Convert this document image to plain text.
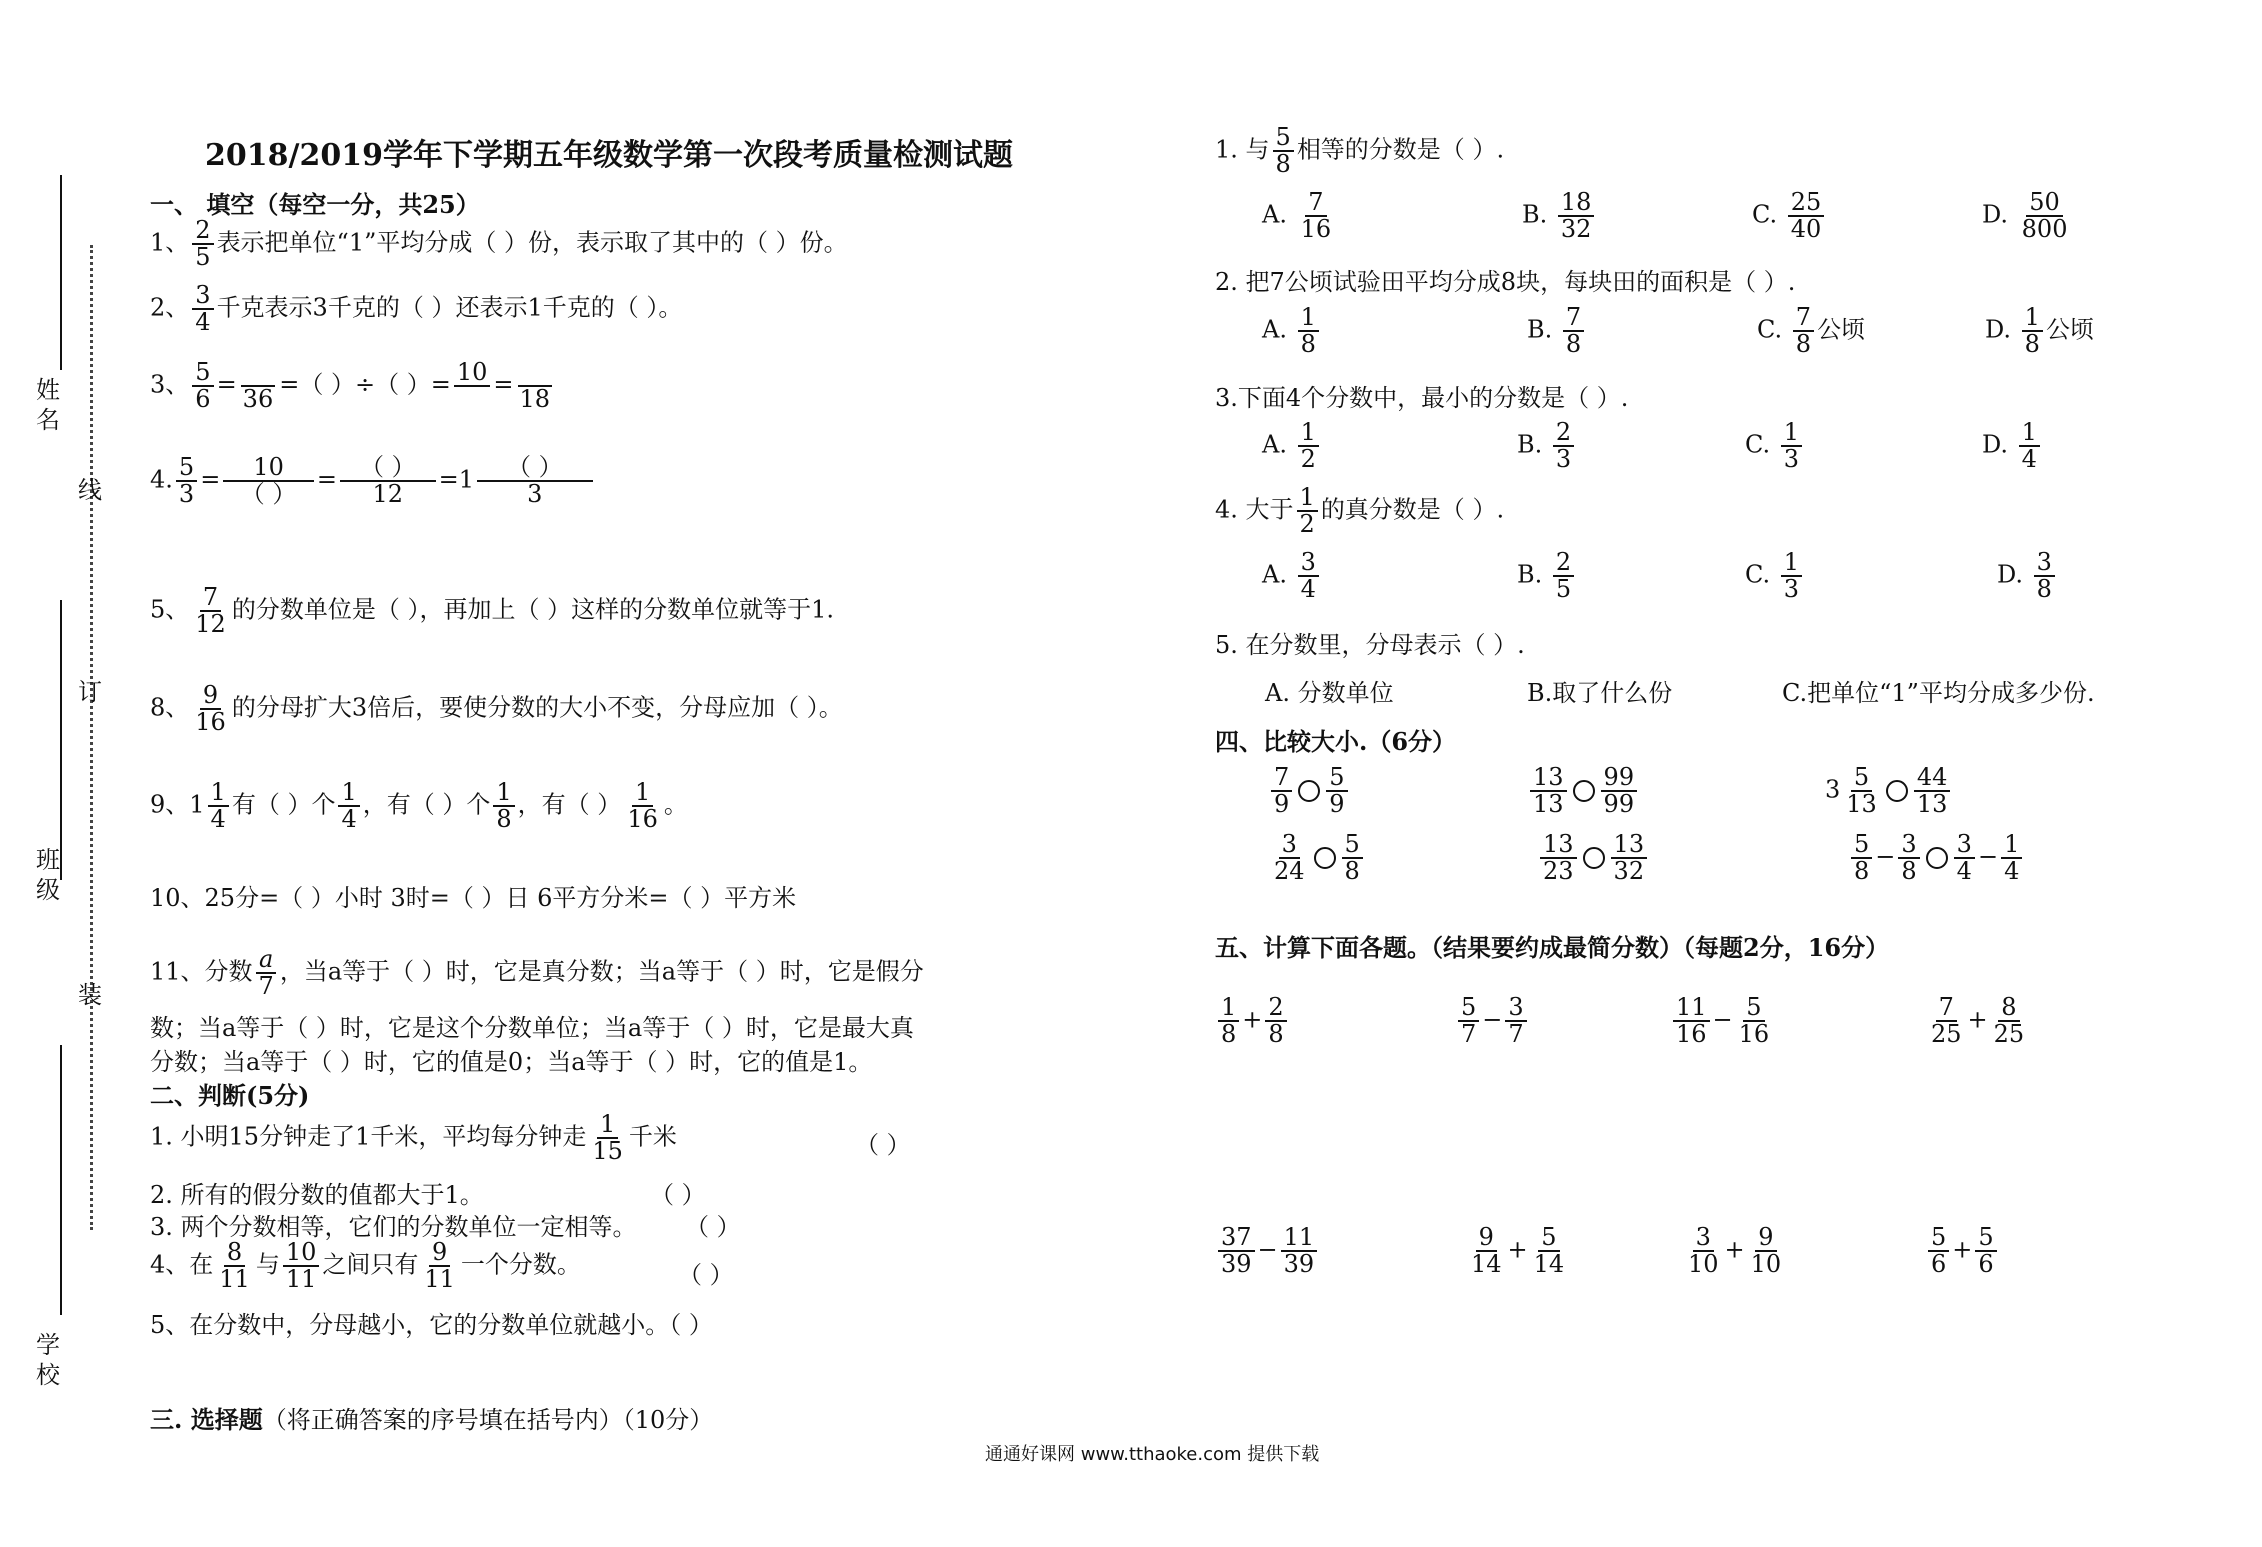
姓名
班级
学校
线
订
装
2018/2019学年下学期五年级数学第一次段考质量检测试题
一、 填空（每空一分，共25）
1、 $\frac{2}{5}$ 表示把单位“1”平均分成（ ）份，表示取了其中的（ ）份。
2、 $\frac{3}{4}$ 千克表示3千克的（ ）还表示1千克的（ ）。
3、 $\frac{5}{6}$ =

36
=（ ）÷（ ）= 10
=

18
4. $\frac{5}{3} = \frac{10}{( )} = \frac{( )}{12} =1 \frac{( )}{3}$
5、 $\frac{7}{12}$ 的分数单位是（ ），再加上（ ）这样的分数单位就等于1.
8、 $\frac{9}{16}$ 的分母扩大3倍后，要使分数的大小不变，分母应加（ ）。
9、$1 \frac{1}{4}$ 有（ ）个 $\frac{1}{4}$ ，有（ ）个 $\frac{1}{8}$ ，有（ ） $\frac{1}{16}$ 。
10、25分=（ ）小时 3时=（ ）日 6平方分米=（ ）平方米
11、分数 $\frac{a}{7}$ ，当a等于（ ）时，它是真分数；当a等于（ ）时，它是假分
数；当a等于（ ）时，它是这个分数单位；当a等于（ ）时，它是最大真
分数；当a等于（ ）时，它的值是0；当a等于（ ）时，它的值是1。
二、判断(5分)
1. 小明15分钟走了1千米，平均每分钟走 $\frac{1}{15}$ 千米	（ ）
2. 所有的假分数的值都大于1。	（ ）
3. 两个分数相等，它们的分数单位一定相等。 （ ）
4、在 $\frac{8}{11}$ 与 $\frac{10}{11}$ 之间只有 $\frac{9}{11}$ 一个分数。	（ ）
5、在分数中，分母越小，它的分数单位就越小。（ ）
三. 选择题（将正确答案的序号填在括号内）（10分）
通通好课网 www.tthaoke.com 提供下载
1. 与 $\frac{5}{8}$ 相等的分数是（ ）.
A. $\frac{7}{16}$	B. $\frac{18}{32}$	C. $\frac{25}{40}$	D. $\frac{50}{800}$
2. 把7公顷试验田平均分成8块，每块田的面积是（ ）.
A. $\frac{1}{8}$	B. $\frac{7}{8}$	C. $\frac{7}{8}$ 公顷	D. $\frac{1}{8}$ 公顷
3.下面4个分数中，最小的分数是（ ）.
A. $\frac{1}{2}$	B. $\frac{2}{3}$	C. $\frac{1}{3}$	D. $\frac{1}{4}$
4. 大于 $\frac{1}{2}$ 的真分数是（ ）.
A. $\frac{3}{4}$	B. $\frac{2}{5}$	C. $\frac{1}{3}$	D. $\frac{3}{8}$
5. 在分数里，分母表示（ ）.
A. 分数单位	B.取了什么份	C.把单位“1”平均分成多少份.
四、比较大小.（6分）
$\frac{7}{9} \frac{5}{9}$	$\frac{13}{13} \frac{99}{99}$	$3 \frac{5}{13} \frac{44}{13}$
$\frac{3}{24} \frac{5}{8}$	$\frac{13}{23} \frac{13}{32}$	$\frac{5}{8} - \frac{3}{8} \frac{3}{4} - \frac{1}{4}$
五、计算下面各题。（结果要约成最简分数）（每题2分，16分）
$\frac{1}{8} + \frac{2}{8}$	$\frac{5}{7} - \frac{3}{7}$	$\frac{11}{16} - \frac{5}{16}$	$\frac{7}{25} + \frac{8}{25}$
$\frac{37}{39} - \frac{11}{39}$	$\frac{9}{14} + \frac{5}{14}$	$\frac{3}{10} + \frac{9}{10}$	$\frac{5}{6} + \frac{5}{6}$
